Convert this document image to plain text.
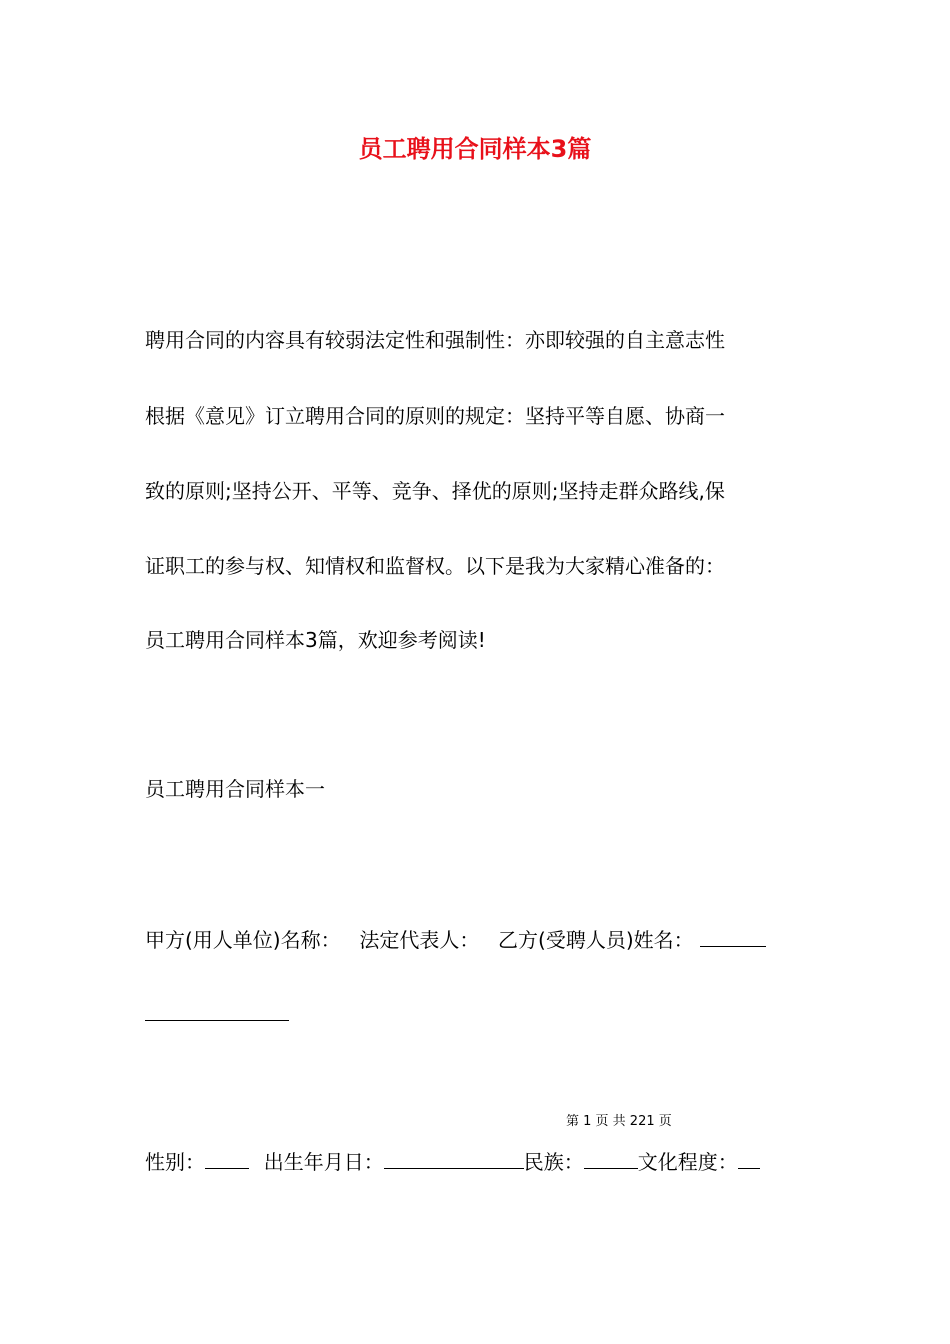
员工聘用合同样本3篇
聘用合同的内容具有较弱法定性和强制性：亦即较强的自主意志性
根据《意见》订立聘用合同的原则的规定：坚持平等自愿、协商一
致的原则;坚持公开、平等、竞争、择优的原则;坚持走群众路线,保
证职工的参与权、知情权和监督权。以下是我为大家精心准备的：
员工聘用合同样本3篇，欢迎参考阅读!
员工聘用合同样本一
甲方(用人单位)名称： 法定代表人： 乙方(受聘人员)姓名：
第 1 页 共 221 页
性别：	出生年月日：	民族：	文化程度：
